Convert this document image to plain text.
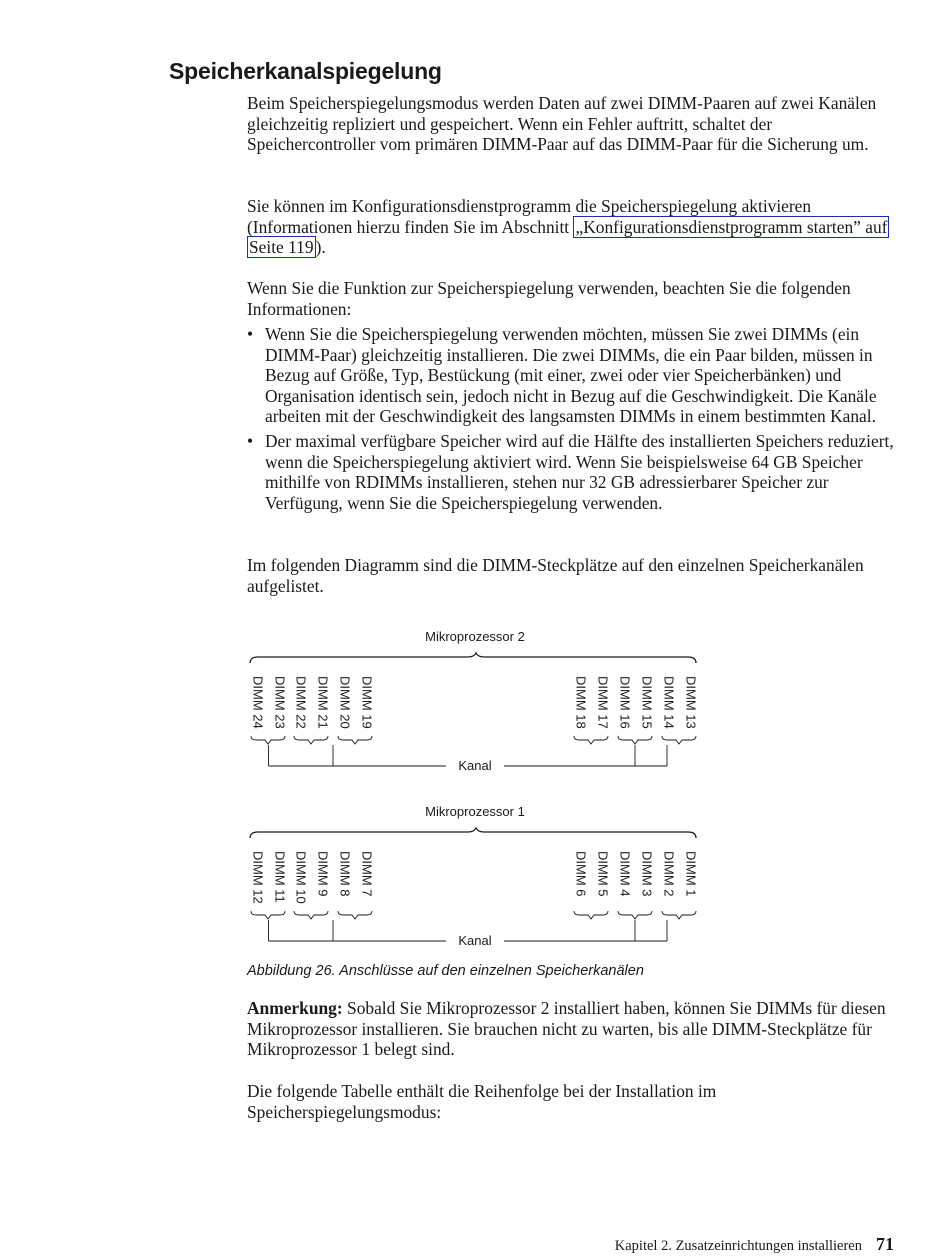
Speicherkanalspiegelung

Beim Speicherspiegelungsmodus werden Daten auf zwei DIMM-Paaren auf zwei Kanälen gleichzeitig repliziert und gespeichert. Wenn ein Fehler auftritt, schaltet der Speichercontroller vom primären DIMM-Paar auf das DIMM-Paar für die Sicherung um.

Sie können im Konfigurationsdienstprogramm die Speicherspiegelung aktivieren (Informationen hierzu finden Sie im Abschnitt „Konfigurationsdienstprogramm starten” auf Seite 119 ).

Wenn Sie die Funktion zur Speicherspiegelung verwenden, beachten Sie die folgenden Informationen:

• Wenn Sie die Speicherspiegelung verwenden möchten, müssen Sie zwei DIMMs (ein DIMM-Paar) gleichzeitig installieren. Die zwei DIMMs, die ein Paar bilden, müssen in Bezug auf Größe, Typ, Bestückung (mit einer, zwei oder vier Speicherbänken) und Organisation identisch sein, jedoch nicht in Bezug auf die Geschwindigkeit. Die Kanäle arbeiten mit der Geschwindigkeit des langsamsten DIMMs in einem bestimmten Kanal.
• Der maximal verfügbare Speicher wird auf die Hälfte des installierten Speichers reduziert, wenn die Speicherspiegelung aktiviert wird. Wenn Sie beispielsweise 64 GB Speicher mithilfe von RDIMMs installieren, stehen nur 32 GB adressierbarer Speicher zur Verfügung, wenn Sie die Speicherspiegelung verwenden.

Im folgenden Diagramm sind die DIMM-Steckplätze auf den einzelnen Speicherkanälen aufgelistet.

Mikroprozessor 2
DIMM 24 DIMM 23 DIMM 22 DIMM 21 DIMM 20 DIMM 19	DIMM 18 DIMM 17 DIMM 16 DIMM 15 DIMM 14 DIMM 13
Kanal
Mikroprozessor 1
DIMM 12 DIMM 11 DIMM 10 DIMM 9 DIMM 8 DIMM 7	DIMM 6 DIMM 5 DIMM 4 DIMM 3 DIMM 2 DIMM 1
Kanal

Abbildung 26. Anschlüsse auf den einzelnen Speicherkanälen

Anmerkung: Sobald Sie Mikroprozessor 2 installiert haben, können Sie DIMMs für diesen Mikroprozessor installieren. Sie brauchen nicht zu warten, bis alle DIMM-Steckplätze für Mikroprozessor 1 belegt sind.

Die folgende Tabelle enthält die Reihenfolge bei der Installation im Speicherspiegelungsmodus:

Kapitel 2. Zusatzeinrichtungen installieren 71
